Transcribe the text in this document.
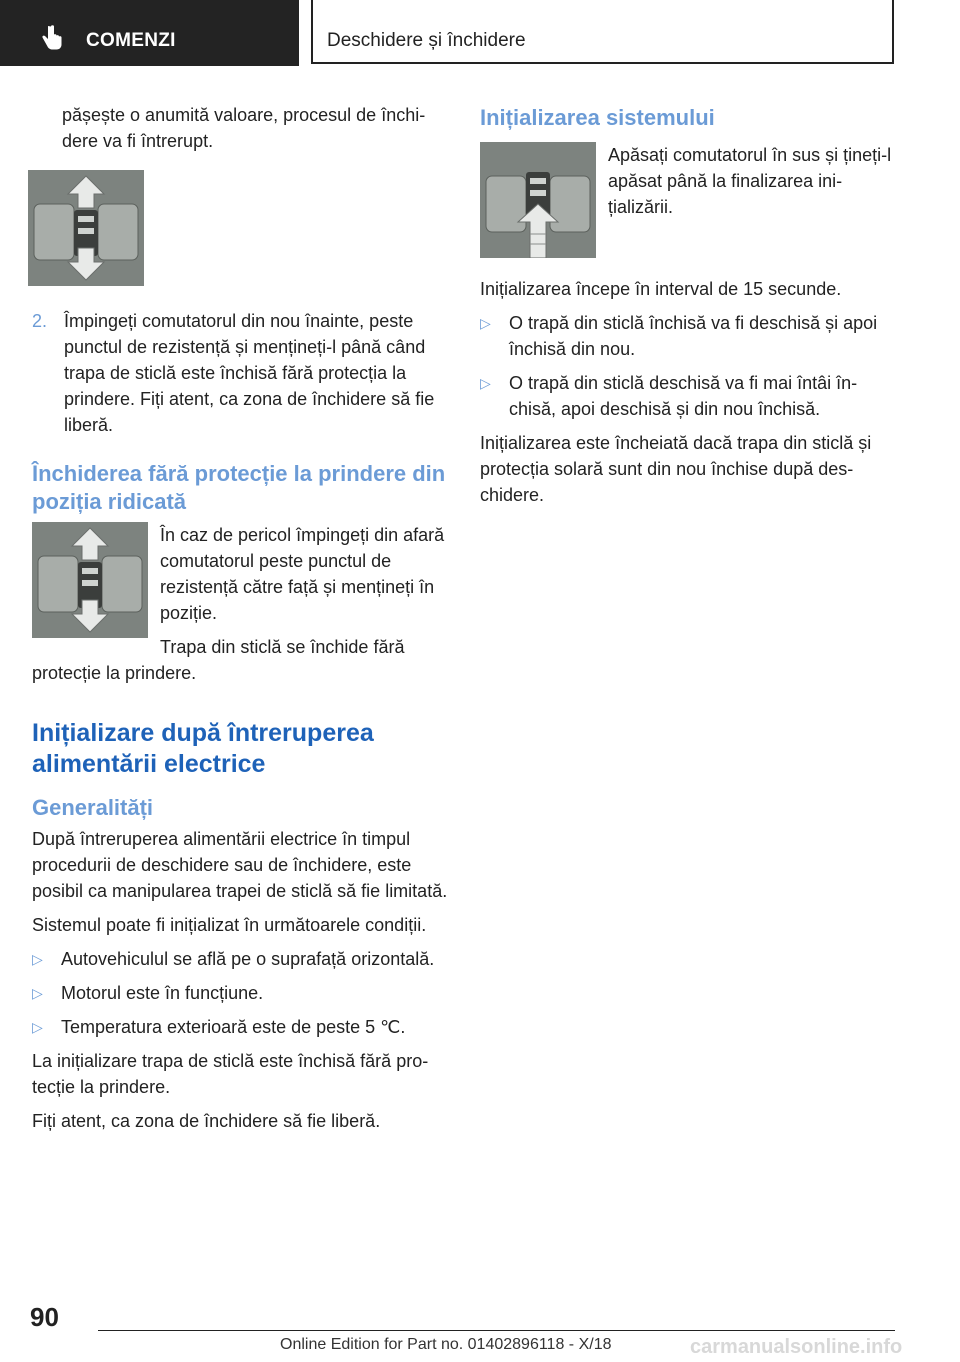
COMENZI	Deschidere și închidere

pășește o anumită valoare, procesul de închidere va fi întrerupt.

2. Împingeți comutatorul din nou înainte, peste punctul de rezistență și mențineți-l până când trapa de sticlă este închisă fără protecția la prindere. Fiți atent, ca zona de închidere să fie liberă.
Închiderea fără protecție la prindere din poziția ridicată

În caz de pericol împingeți din afară comutatorul peste punctul de rezistență către față și mențineți în poziție.

Trapa din sticlă se închide fără protecție la prindere.

Inițializare după întreruperea alimentării electrice
Generalități

După întreruperea alimentării electrice în timpul procedurii de deschidere sau de închidere, este posibil ca manipularea trapei de sticlă să fie limitată.

Sistemul poate fi inițializat în următoarele condiții.

▷	Autovehiculul se află pe o suprafață orizontală.
▷	Motorul este în funcțiune.
▷	Temperatura exterioară este de peste 5 ℃.

La inițializare trapa de sticlă este închisă fără protecție la prindere.

Fiți atent, ca zona de închidere să fie liberă.

Inițializarea sistemului

Apăsați comutatorul în sus și țineți-l apăsat până la finalizarea inițializării.

Inițializarea începe în interval de 15 secunde.

▷	O trapă din sticlă închisă va fi deschisă și apoi închisă din nou.
▷	O trapă din sticlă deschisă va fi mai întâi închisă, apoi deschisă și din nou închisă.

Inițializarea este încheiată dacă trapa din sticlă și protecția solară sunt din nou închise după deschidere.

90
Online Edition for Part no. 01402896118 - X/18	carmanualsonline.info
